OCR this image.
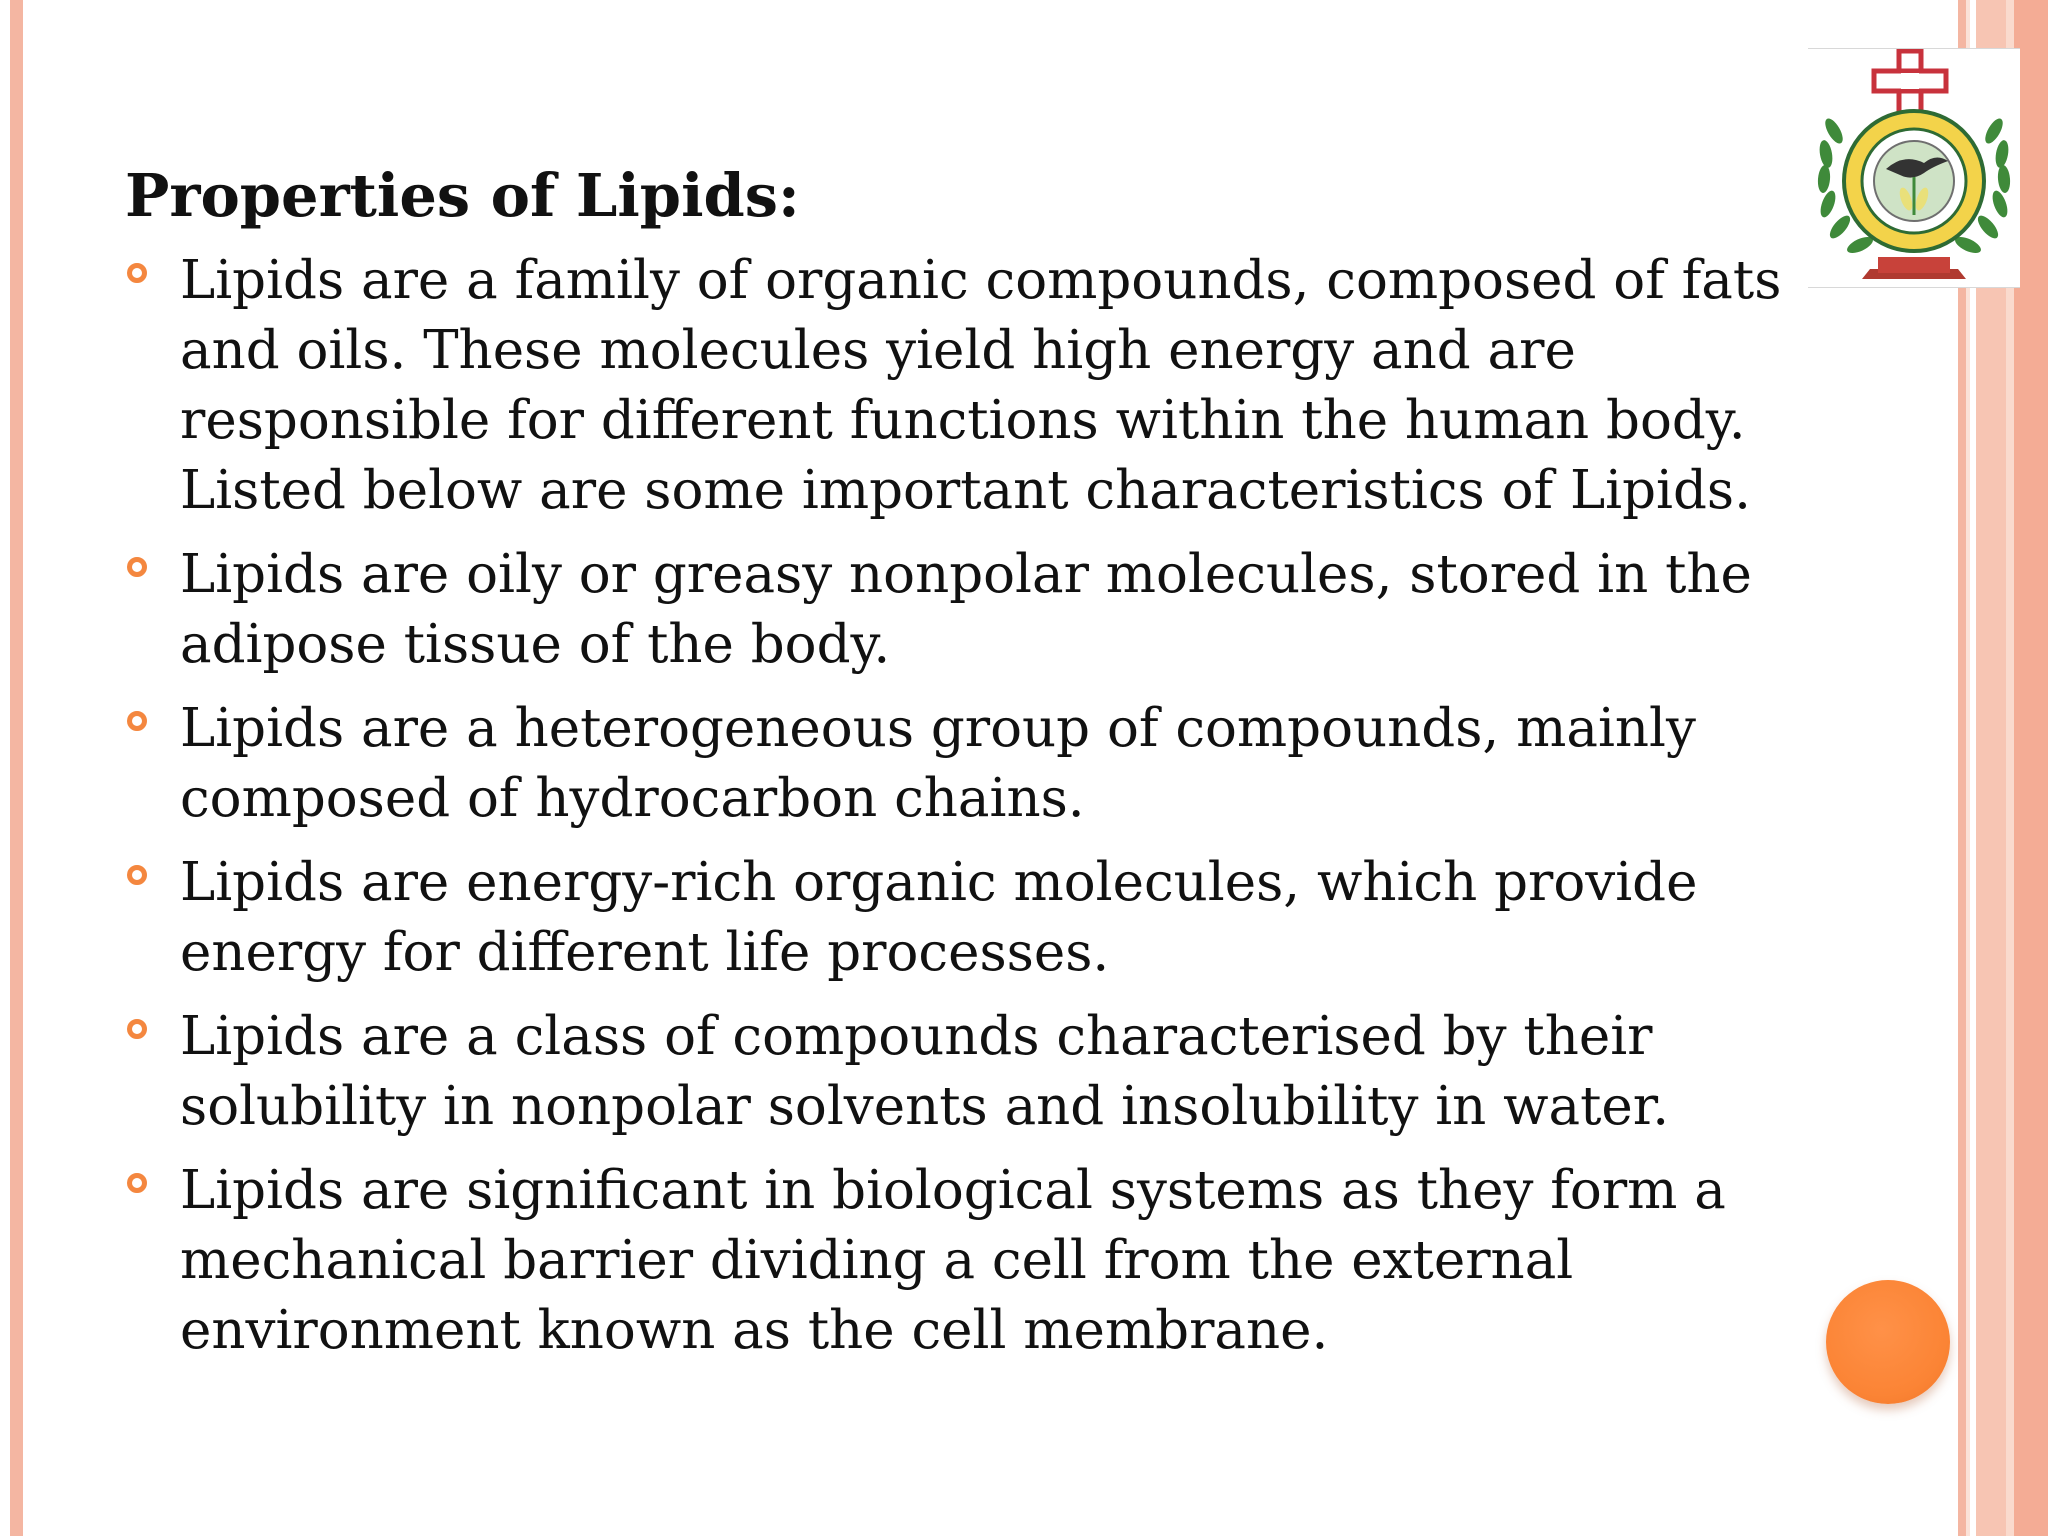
Properties of Lipids:
Lipids are a family of organic compounds, composed of fats
and oils. These molecules yield high energy and are
responsible for different functions within the human body.
Listed below are some important characteristics of Lipids.
Lipids are oily or greasy nonpolar molecules, stored in the
adipose tissue of the body.
Lipids are a heterogeneous group of compounds, mainly
composed of hydrocarbon chains.
Lipids are energy-rich organic molecules, which provide
energy for different life processes.
Lipids are a class of compounds characterised by their
solubility in nonpolar solvents and insolubility in water.
Lipids are significant in biological systems as they form a
mechanical barrier dividing a cell from the external
environment known as the cell membrane.
